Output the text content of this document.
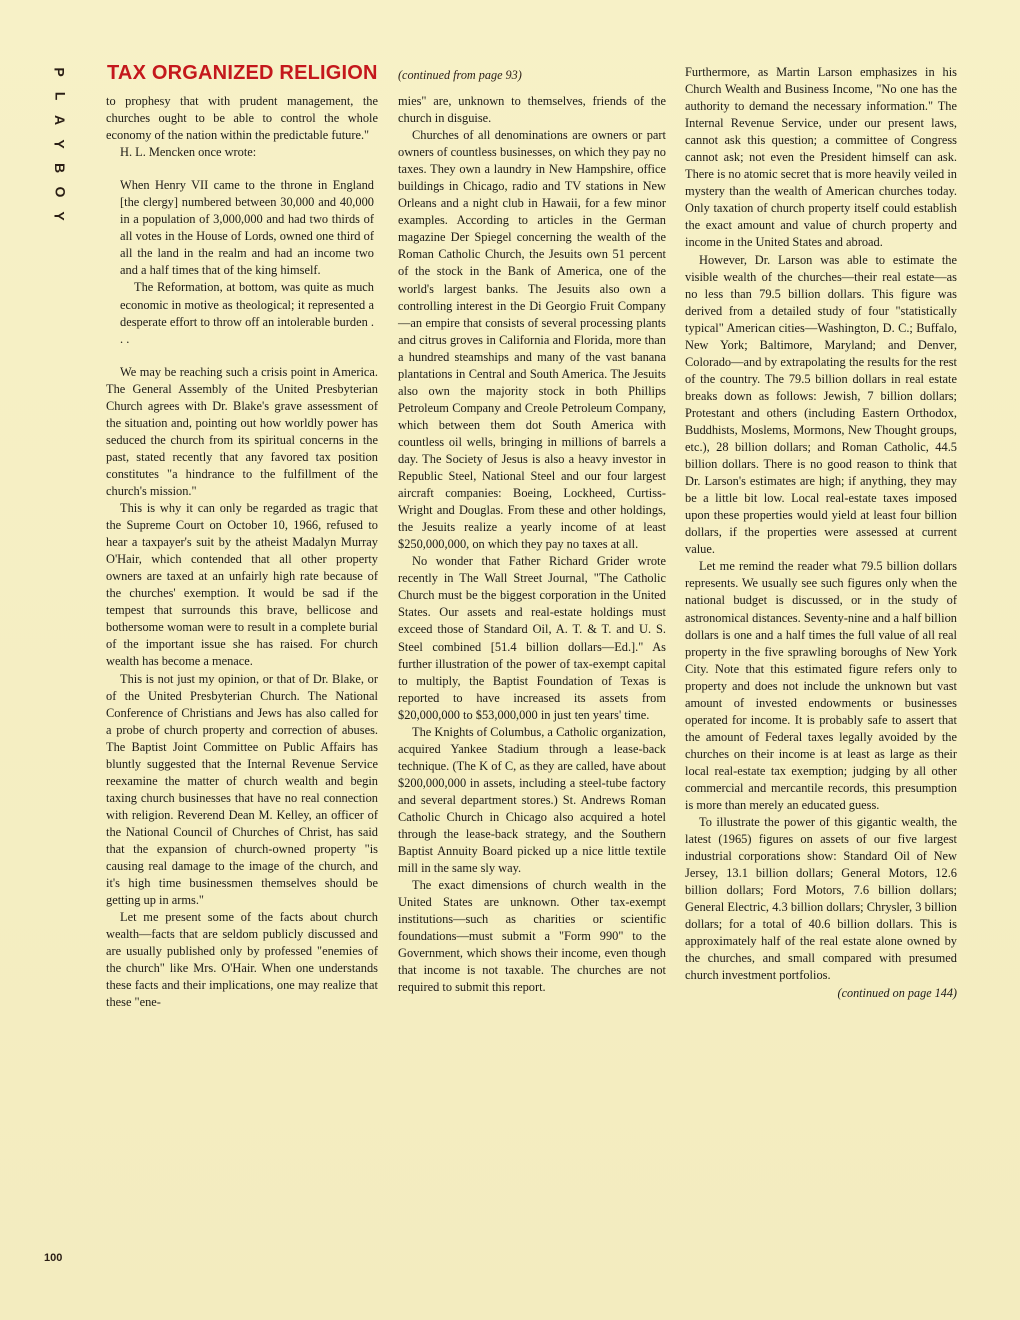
P
L
A
Y
B
O
Y
TAX ORGANIZED RELIGION (continued from page 93)

to prophesy that with prudent management, the churches ought to be able to control the whole economy of the nation within the predictable future."

H. L. Mencken once wrote:

When Henry VII came to the throne in England [the clergy] numbered between 30,000 and 40,000 in a population of 3,000,000 and had two thirds of all votes in the House of Lords, owned one third of all the land in the realm and had an income two and a half times that of the king himself.

The Reformation, at bottom, was quite as much economic in motive as theological; it represented a desperate effort to throw off an intolerable burden . . .

We may be reaching such a crisis point in America. The General Assembly of the United Presbyterian Church agrees with Dr. Blake's grave assessment of the situation and, pointing out how worldly power has seduced the church from its spiritual concerns in the past, stated recently that any favored tax position constitutes "a hindrance to the fulfillment of the church's mission."

This is why it can only be regarded as tragic that the Supreme Court on October 10, 1966, refused to hear a taxpayer's suit by the atheist Madalyn Murray O'Hair, which contended that all other property owners are taxed at an unfairly high rate because of the churches' exemption. It would be sad if the tempest that surrounds this brave, bellicose and bothersome woman were to result in a complete burial of the important issue she has raised. For church wealth has become a menace.

This is not just my opinion, or that of Dr. Blake, or of the United Presbyterian Church. The National Conference of Christians and Jews has also called for a probe of church property and correction of abuses. The Baptist Joint Committee on Public Affairs has bluntly suggested that the Internal Revenue Service reexamine the matter of church wealth and begin taxing church businesses that have no real connection with religion. Reverend Dean M. Kelley, an officer of the National Council of Churches of Christ, has said that the expansion of church-owned property "is causing real damage to the image of the church, and it's high time businessmen themselves should be getting up in arms."

Let me present some of the facts about church wealth—facts that are seldom publicly discussed and are usually published only by professed "enemies of the church" like Mrs. O'Hair. When one understands these facts and their implications, one may realize that these "ene-

mies" are, unknown to themselves, friends of the church in disguise.

Churches of all denominations are owners or part owners of countless businesses, on which they pay no taxes. They own a laundry in New Hampshire, office buildings in Chicago, radio and TV stations in New Orleans and a night club in Hawaii, for a few minor examples. According to articles in the German magazine Der Spiegel concerning the wealth of the Roman Catholic Church, the Jesuits own 51 percent of the stock in the Bank of America, one of the world's largest banks. The Jesuits also own a controlling interest in the Di Georgio Fruit Company—an empire that consists of several processing plants and citrus groves in California and Florida, more than a hundred steamships and many of the vast banana plantations in Central and South America. The Jesuits also own the majority stock in both Phillips Petroleum Company and Creole Petroleum Company, which between them dot South America with countless oil wells, bringing in millions of barrels a day. The Society of Jesus is also a heavy investor in Republic Steel, National Steel and our four largest aircraft companies: Boeing, Lockheed, Curtiss-Wright and Douglas. From these and other holdings, the Jesuits realize a yearly income of at least $250,000,000, on which they pay no taxes at all.

No wonder that Father Richard Grider wrote recently in The Wall Street Journal, "The Catholic Church must be the biggest corporation in the United States. Our assets and real-estate holdings must exceed those of Standard Oil, A. T. & T. and U. S. Steel combined [51.4 billion dollars—Ed.]." As further illustration of the power of tax-exempt capital to multiply, the Baptist Foundation of Texas is reported to have increased its assets from $20,000,000 to $53,000,000 in just ten years' time.

The Knights of Columbus, a Catholic organization, acquired Yankee Stadium through a lease-back technique. (The K of C, as they are called, have about $200,000,000 in assets, including a steel-tube factory and several department stores.) St. Andrews Roman Catholic Church in Chicago also acquired a hotel through the lease-back strategy, and the Southern Baptist Annuity Board picked up a nice little textile mill in the same sly way.

The exact dimensions of church wealth in the United States are unknown. Other tax-exempt institutions—such as charities or scientific foundations—must submit a "Form 990" to the Government, which shows their income, even though that income is not taxable. The churches are not required to submit this report.

Furthermore, as Martin Larson emphasizes in his Church Wealth and Business Income, "No one has the authority to demand the necessary information." The Internal Revenue Service, under our present laws, cannot ask this question; a committee of Congress cannot ask; not even the President himself can ask. There is no atomic secret that is more heavily veiled in mystery than the wealth of American churches today. Only taxation of church property itself could establish the exact amount and value of church property and income in the United States and abroad.

However, Dr. Larson was able to estimate the visible wealth of the churches—their real estate—as no less than 79.5 billion dollars. This figure was derived from a detailed study of four "statistically typical" American cities—Washington, D. C.; Buffalo, New York; Baltimore, Maryland; and Denver, Colorado—and by extrapolating the results for the rest of the country. The 79.5 billion dollars in real estate breaks down as follows: Jewish, 7 billion dollars; Protestant and others (including Eastern Orthodox, Buddhists, Moslems, Mormons, New Thought groups, etc.), 28 billion dollars; and Roman Catholic, 44.5 billion dollars. There is no good reason to think that Dr. Larson's estimates are high; if anything, they may be a little bit low. Local real-estate taxes imposed upon these properties would yield at least four billion dollars, if the properties were assessed at current value.

Let me remind the reader what 79.5 billion dollars represents. We usually see such figures only when the national budget is discussed, or in the study of astronomical distances. Seventy-nine and a half billion dollars is one and a half times the full value of all real property in the five sprawling boroughs of New York City. Note that this estimated figure refers only to property and does not include the unknown but vast amount of invested endowments or businesses operated for income. It is probably safe to assert that the amount of Federal taxes legally avoided by the churches on their income is at least as large as their local real-estate tax exemption; judging by all other commercial and mercantile records, this presumption is more than merely an educated guess.

To illustrate the power of this gigantic wealth, the latest (1965) figures on assets of our five largest industrial corporations show: Standard Oil of New Jersey, 13.1 billion dollars; General Motors, 12.6 billion dollars; Ford Motors, 7.6 billion dollars; General Electric, 4.3 billion dollars; Chrysler, 3 billion dollars; for a total of 40.6 billion dollars. This is approximately half of the real estate alone owned by the churches, and small compared with presumed church investment portfolios.

(continued on page 144)

100
